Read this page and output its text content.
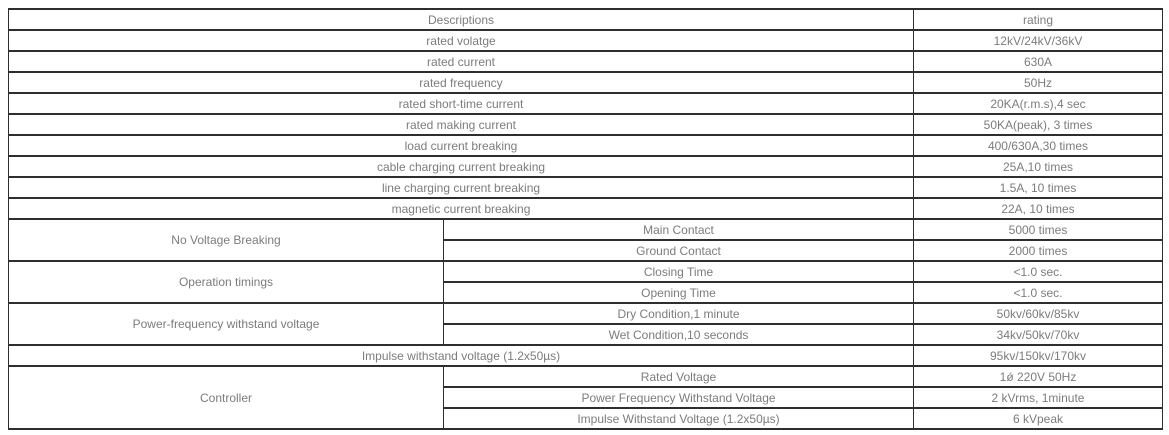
Descriptions		rating
rated volatge		12kV/24kV/36kV
rated current		630A
rated frequency		50Hz
rated short-time current		20KA(r.m.s),4 sec
rated making current		50KA(peak), 3 times
load current breaking		400/630A,30 times
cable charging current breaking		25A,10 times
line charging current breaking		1.5A, 10 times
magnetic current breaking		22A, 10 times
No Voltage Breaking	Main Contact	5000 times
	Ground Contact	2000 times
Operation timings	Closing Time	<1.0 sec.
	Opening Time	<1.0 sec.
Power-frequency withstand voltage	Dry Condition,1 minute	50kv/60kv/85kv
	Wet Condition,10 seconds	34kv/50kv/70kv
Impulse withstand voltage (1.2x50µs)		95kv/150kv/170kv
Controller	Rated Voltage	1ǿ 220V 50Hz
	Power Frequency Withstand Voltage	2 kVrms, 1minute
	Impulse Withstand Voltage (1.2x50µs)	6 kVpeak
